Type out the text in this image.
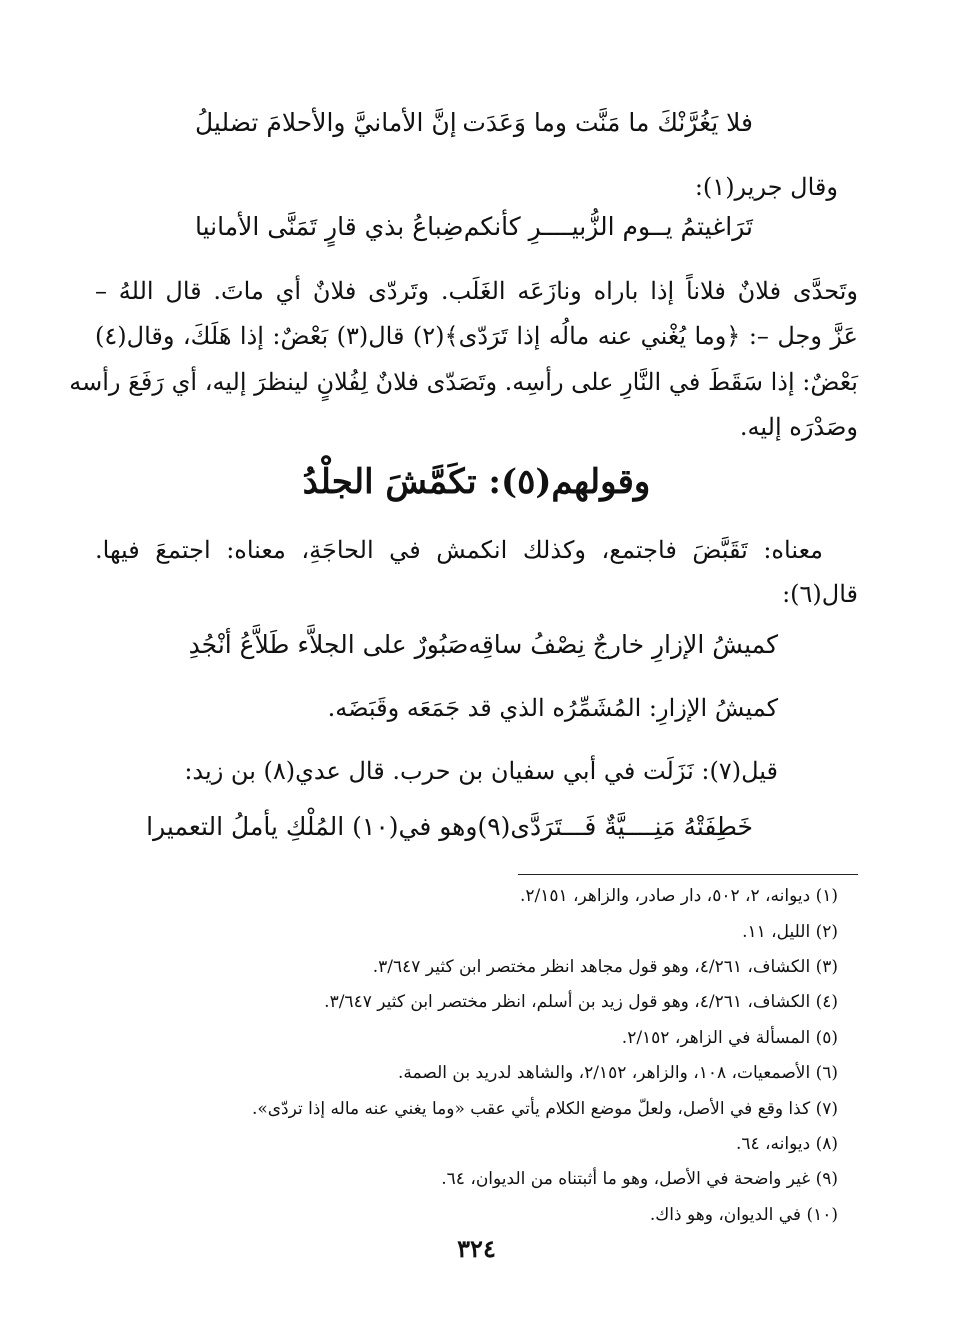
فلا يَغُرَّنْكَ ما مَنَّت وما وَعَدَت
إنَّ الأمانيَّ والأحلامَ تضليلُ
وقال جرير(١):
تَرَاغيتمُ يــوم الزُّبيــــرِ كأنكم
ضِباعُ بذي قارٍ تَمَنَّى الأمانيا
وتَحدَّى فلانٌ فلاناً إذا باراه ونازَعَه الغَلَب. وتَردّى فلانٌ أي ماتَ. قال اللهُ –
عَزَّ وجل –: ﴿وما يُغْني عنه مالُه إذا تَرَدّى﴾(٢) قال(٣) بَعْضٌ: إذا هَلَكَ، وقال(٤)
بَعْضٌ: إذا سَقَطَ في النَّارِ على رأسِه. وتَصَدّى فلانٌ لِفُلانٍ لينظرَ إليه، أي رَفَعَ رأسه
وصَدْرَه إليه.
وقولهم(٥): تكَمَّشَ الجلْدُ
معناه: تَقَبَّضَ فاجتمع، وكذلك انكمش في الحاجَةِ، معناه: اجتمعَ فيها.
قال(٦):
كميشُ الإزارِ خارجٌ نِصْفُ ساقِه
صَبُورٌ على الجلاَّء طَلاَّعُ أنْجُدِ
كميشُ الإزارِ: المُشَمِّرُه الذي قد جَمَعَه وقَبَضَه.
قيل(٧): نَزَلَت في أبي سفيان بن حرب. قال عدي(٨) بن زيد:
خَطِفَتْهُ مَنِــــيَّةٌ فَـــتَرَدَّى(٩)
وهو في(١٠) المُلْكِ يأملُ التعميرا
(١) ديوانه، ٢، ٥٠٢، دار صادر، والزاهر، ٢/١٥١.
(٢) الليل، ١١.
(٣) الكشاف، ٤/٢٦١، وهو قول مجاهد انظر مختصر ابن كثير ٣/٦٤٧.
(٤) الكشاف، ٤/٢٦١، وهو قول زيد بن أسلم، انظر مختصر ابن كثير ٣/٦٤٧.
(٥) المسألة في الزاهر، ٢/١٥٢.
(٦) الأصمعيات، ١٠٨، والزاهر، ٢/١٥٢، والشاهد لدريد بن الصمة.
(٧) كذا وقع في الأصل، ولعلّ موضع الكلام يأتي عقب «وما يغني عنه ماله إذا تردّى».
(٨) ديوانه، ٦٤.
(٩) غير واضحة في الأصل، وهو ما أثبتناه من الديوان، ٦٤.
(١٠) في الديوان، وهو ذاك.
٣٢٤
